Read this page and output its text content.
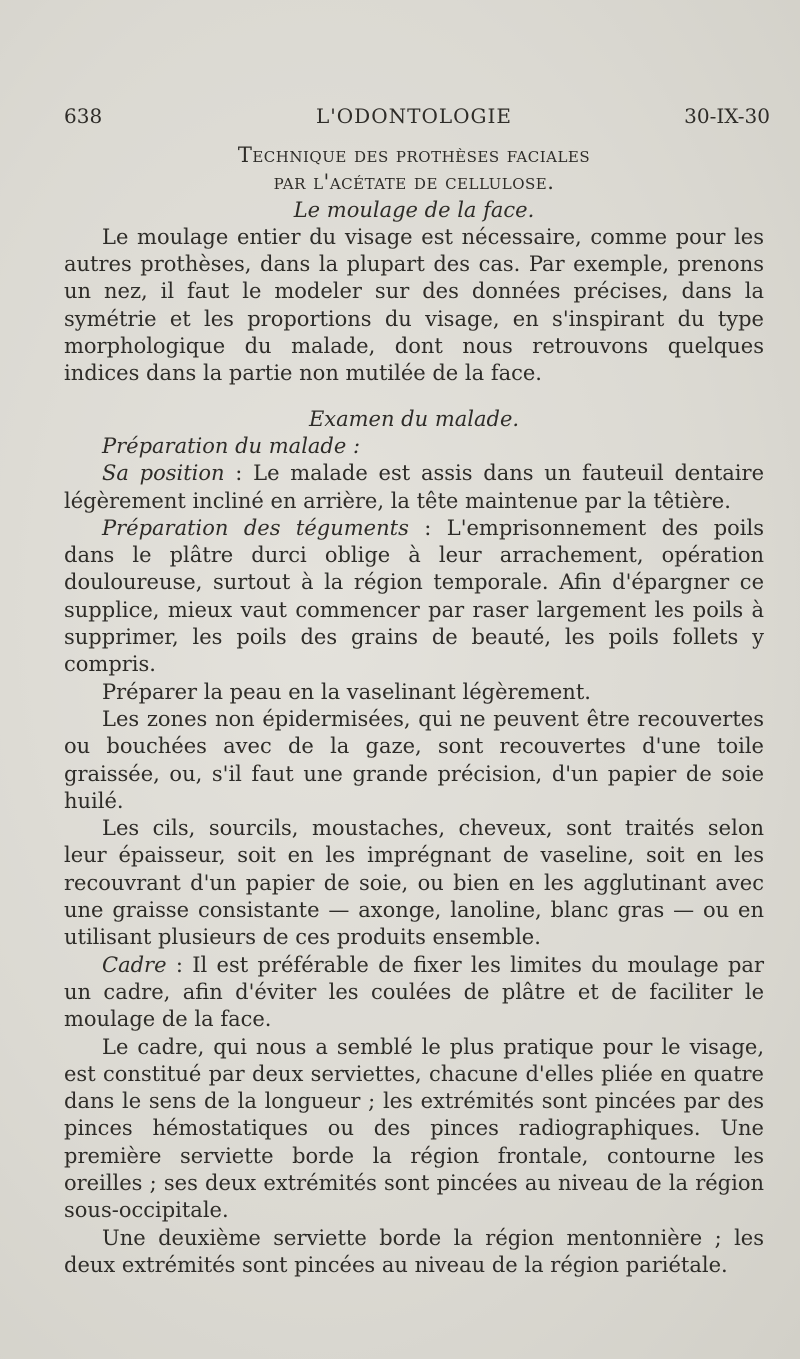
638	L'ODONTOLOGIE	30-IX-30

Technique des prothèses faciales

par l'acétate de cellulose.

Le moulage de la face.

Le moulage entier du visage est nécessaire, comme pour les autres prothèses, dans la plupart des cas. Par exemple, prenons un nez, il faut le modeler sur des données précises, dans la symétrie et les proportions du visage, en s'inspirant du type morphologique du malade, dont nous retrouvons quelques indices dans la partie non mutilée de la face.

Examen du malade.

Préparation du malade :

Sa position : Le malade est assis dans un fauteuil dentaire légèrement incliné en arrière, la tête maintenue par la têtière.

Préparation des téguments : L'emprisonnement des poils dans le plâtre durci oblige à leur arrachement, opération douloureuse, surtout à la région temporale. Afin d'épargner ce supplice, mieux vaut commencer par raser largement les poils à supprimer, les poils des grains de beauté, les poils follets y compris.

Préparer la peau en la vaselinant légèrement.

Les zones non épidermisées, qui ne peuvent être recouvertes ou bouchées avec de la gaze, sont recouvertes d'une toile graissée, ou, s'il faut une grande précision, d'un papier de soie huilé.

Les cils, sourcils, moustaches, cheveux, sont traités selon leur épaisseur, soit en les imprégnant de vaseline, soit en les recouvrant d'un papier de soie, ou bien en les agglutinant avec une graisse consistante — axonge, lanoline, blanc gras — ou en utilisant plusieurs de ces produits ensemble.

Cadre : Il est préférable de fixer les limites du moulage par un cadre, afin d'éviter les coulées de plâtre et de faciliter le moulage de la face.

Le cadre, qui nous a semblé le plus pratique pour le visage, est constitué par deux serviettes, chacune d'elles pliée en quatre dans le sens de la longueur ; les extrémités sont pincées par des pinces hémostatiques ou des pinces radiographiques. Une première serviette borde la région frontale, contourne les oreilles ; ses deux extrémités sont pincées au niveau de la région sous-occipitale.

Une deuxième serviette borde la région mentonnière ; les deux extrémités sont pincées au niveau de la région pariétale.
